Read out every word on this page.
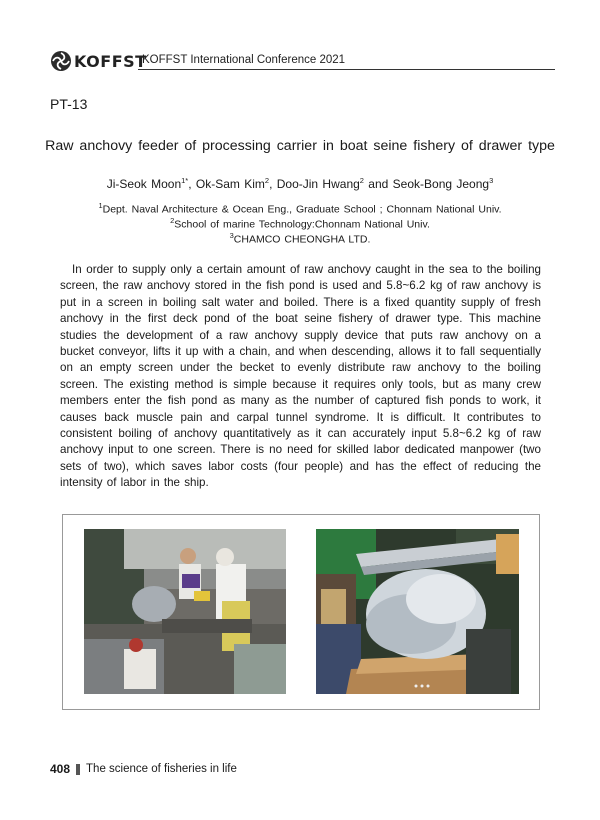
KOFFST
KOFFST International Conference 2021
PT-13
Raw anchovy feeder of processing carrier in boat seine fishery of drawer type
Ji-Seok Moon$^{1*}$, Ok-Sam Kim$^2$, Doo-Jin Hwang$^2$ and Seok-Bong Jeong$^3$
$^1$Dept. Naval Architecture & Ocean Eng., Graduate School ; Chonnam National Univ.
$^2$School of marine Technology:Chonnam National Univ.
$^3$CHAMCO CHEONGHA LTD.

In order to supply only a certain amount of raw anchovy caught in the sea to the boiling screen, the raw anchovy stored in the fish pond is used and 5.8~6.2 kg of raw anchovy is put in a screen in boiling salt water and boiled. There is a fixed quantity supply of fresh anchovy in the first deck pond of the boat seine fishery of drawer type. This machine studies the development of a raw anchovy supply device that puts raw anchovy on a bucket conveyor, lifts it up with a chain, and when descending, allows it to fall sequentially on an empty screen under the becket to evenly distribute raw anchovy to the boiling screen. The existing method is simple because it requires only tools, but as many crew members enter the fish pond as many as the number of captured fish ponds to work, it causes back muscle pain and carpal tunnel syndrome. It is difficult. It contributes to consistent boiling of anchovy quantitatively as it can accurately input 5.8~6.2 kg of raw anchovy input to one screen. There is no need for skilled labor dedicated manpower (two sets of two), which saves labor costs (four people) and has the effect of reducing the intensity of labor in the ship.

408 The science of fisheries in life
